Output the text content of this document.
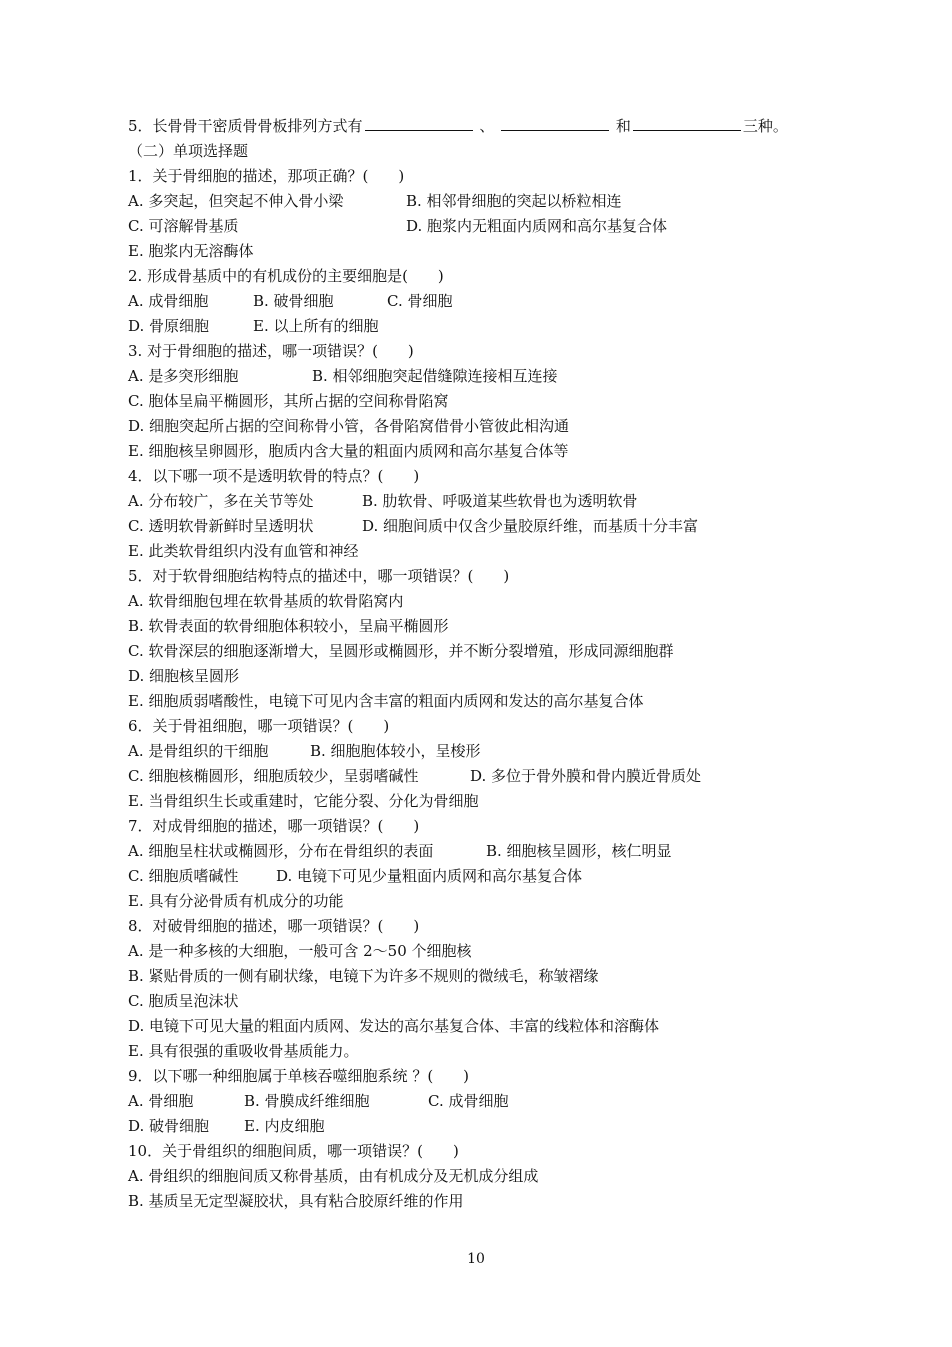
5．长骨骨干密质骨骨板排列方式有	、	和	三种。
（二）单项选择题
1．关于骨细胞的描述，那项正确？(　　)
A. 多突起，但突起不伸入骨小梁	B. 相邻骨细胞的突起以桥粒相连
C. 可溶解骨基质	D. 胞浆内无粗面内质网和高尔基复合体
E. 胞浆内无溶酶体
2. 形成骨基质中的有机成份的主要细胞是(　　)
A. 成骨细胞	B. 破骨细胞	C. 骨细胞
D. 骨原细胞	E. 以上所有的细胞
3. 对于骨细胞的描述，哪一项错误？(　　)
A. 是多突形细胞	B. 相邻细胞突起借缝隙连接相互连接
C. 胞体呈扁平椭圆形，其所占据的空间称骨陷窝
D. 细胞突起所占据的空间称骨小管，各骨陷窝借骨小管彼此相沟通
E. 细胞核呈卵圆形，胞质内含大量的粗面内质网和高尔基复合体等
4．以下哪一项不是透明软骨的特点？(　　)
A. 分布较广，多在关节等处	B. 肋软骨、呼吸道某些软骨也为透明软骨
C. 透明软骨新鲜时呈透明状	D. 细胞间质中仅含少量胶原纤维，而基质十分丰富
E. 此类软骨组织内没有血管和神经
5．对于软骨细胞结构特点的描述中，哪一项错误？(　　)
A. 软骨细胞包埋在软骨基质的软骨陷窝内
B. 软骨表面的软骨细胞体积较小，呈扁平椭圆形
C. 软骨深层的细胞逐渐增大，呈圆形或椭圆形，并不断分裂增殖，形成同源细胞群
D. 细胞核呈圆形
E. 细胞质弱嗜酸性，电镜下可见内含丰富的粗面内质网和发达的高尔基复合体
6．关于骨祖细胞，哪一项错误？(　　)
A. 是骨组织的干细胞	B. 细胞胞体较小，呈梭形
C. 细胞核椭圆形，细胞质较少，呈弱嗜碱性	D. 多位于骨外膜和骨内膜近骨质处
E. 当骨组织生长或重建时，它能分裂、分化为骨细胞
7．对成骨细胞的描述，哪一项错误？(　　)
A. 细胞呈柱状或椭圆形，分布在骨组织的表面	B. 细胞核呈圆形，核仁明显
C. 细胞质嗜碱性	D. 电镜下可见少量粗面内质网和高尔基复合体
E. 具有分泌骨质有机成分的功能
8．对破骨细胞的描述，哪一项错误？(　　)
A. 是一种多核的大细胞，一般可含 2～50 个细胞核
B. 紧贴骨质的一侧有刷状缘，电镜下为许多不规则的微绒毛，称皱褶缘
C. 胞质呈泡沫状
D. 电镜下可见大量的粗面内质网、发达的高尔基复合体、丰富的线粒体和溶酶体
E. 具有很强的重吸收骨基质能力。
9．以下哪一种细胞属于单核吞噬细胞系统 ？(　　)
A. 骨细胞	B. 骨膜成纤维细胞	C. 成骨细胞
D. 破骨细胞	E. 内皮细胞
10．关于骨组织的细胞间质，哪一项错误？(　　)
A. 骨组织的细胞间质又称骨基质，由有机成分及无机成分组成
B. 基质呈无定型凝胶状，具有粘合胶原纤维的作用
10
